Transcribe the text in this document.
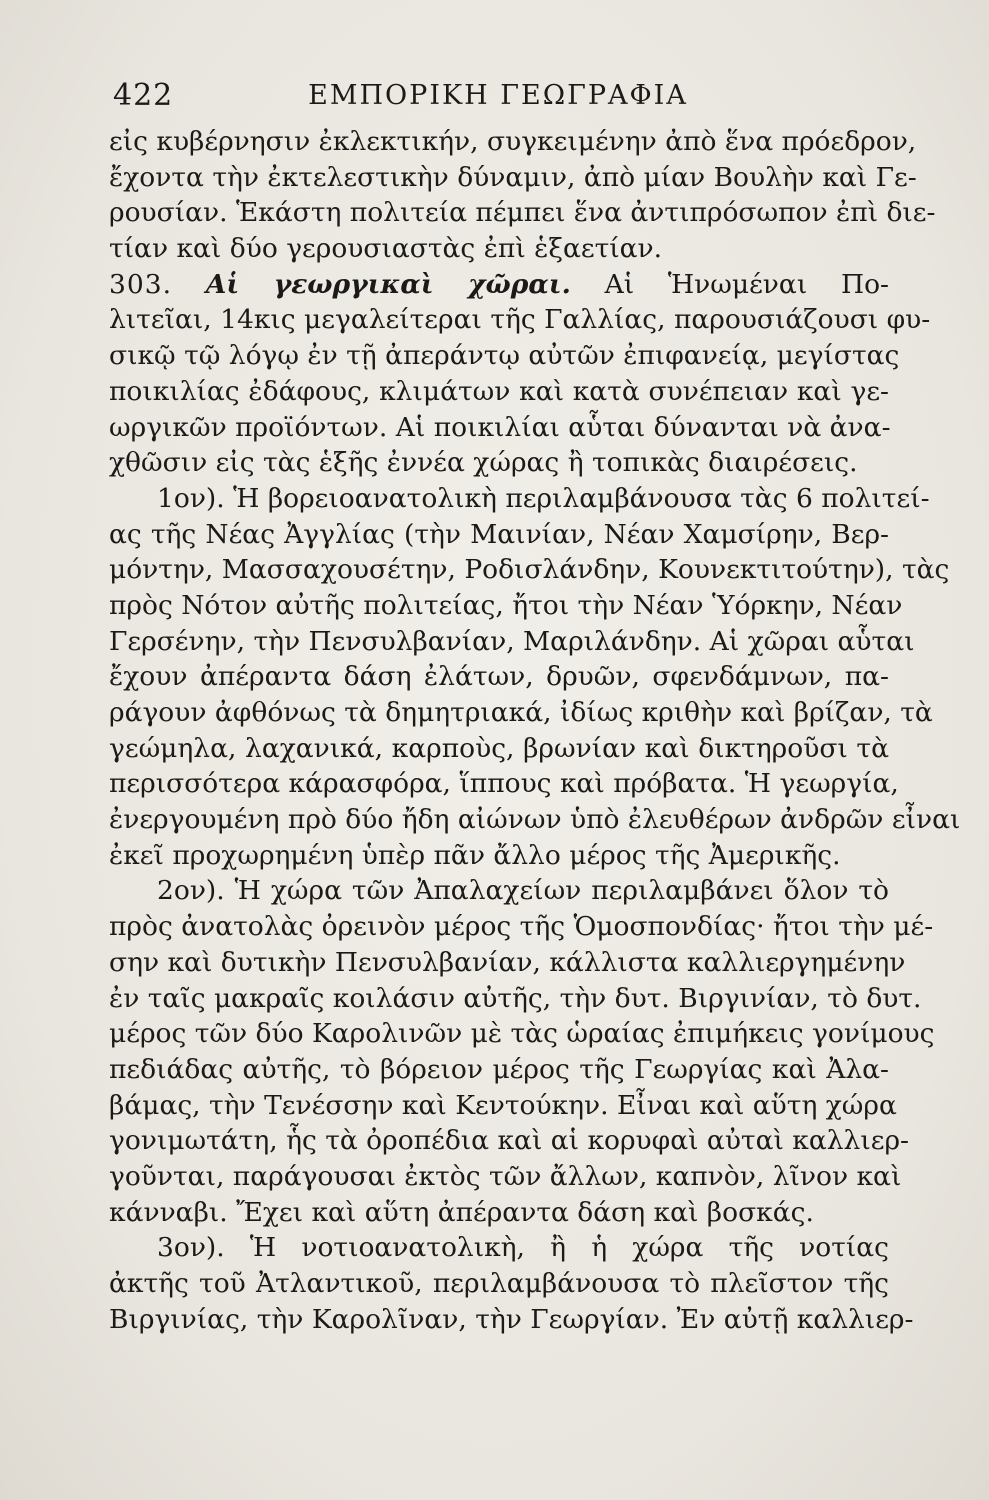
422	ΕΜΠΟΡΙΚΗ ΓΕΩΓΡΑΦΙΑ
εἰς κυβέρνησιν ἐκλεκτικήν, συγκειμένην ἀπὸ ἕνα πρόεδρον,
ἔχοντα τὴν ἐκτελεστικὴν δύναμιν, ἀπὸ μίαν Βουλὴν καὶ Γε-
ρουσίαν. Ἑκάστη πολιτεία πέμπει ἕνα ἀντιπρόσωπον ἐπὶ διε-
τίαν καὶ δύο γερουσιαστὰς ἐπὶ ἑξαετίαν.
303. Αἱ γεωργικαὶ χῶραι. Αἱ Ἡνωμέναι Πο-
λιτεῖαι, 14κις μεγαλείτεραι τῆς Γαλλίας, παρουσιάζουσι φυ-
σικῷ τῷ λόγῳ ἐν τῇ ἀπεράντῳ αὐτῶν ἐπιφανείᾳ, μεγίστας
ποικιλίας ἐδάφους, κλιμάτων καὶ κατὰ συνέπειαν καὶ γε-
ωργικῶν προϊόντων. Αἱ ποικιλίαι αὗται δύνανται νὰ ἀνα-
χθῶσιν εἰς τὰς ἑξῆς ἐννέα χώρας ἢ τοπικὰς διαιρέσεις.
1ον). Ἡ βορειοανατολικὴ περιλαμβάνουσα τὰς 6 πολιτεί-
ας τῆς Νέας Ἀγγλίας (τὴν Μαινίαν, Νέαν Χαμσίρην, Βερ-
μόντην, Μασσαχουσέτην, Ροδισλάνδην, Κουνεκτιτούτην), τὰς
πρὸς Νότον αὐτῆς πολιτείας, ἤτοι τὴν Νέαν Ὑόρκην, Νέαν
Γερσένην, τὴν Πενσυλβανίαν, Μαριλάνδην. Αἱ χῶραι αὗται
ἔχουν ἀπέραντα δάση ἐλάτων, δρυῶν, σφενδάμνων, πα-
ράγουν ἀφθόνως τὰ δημητριακά, ἰδίως κριθὴν καὶ βρίζαν, τὰ
γεώμηλα, λαχανικά, καρποὺς, βρωνίαν καὶ δικτηροῦσι τὰ
περισσότερα κάρασφόρα, ἵππους καὶ πρόβατα. Ἡ γεωργία,
ἐνεργουμένη πρὸ δύο ἤδη αἰώνων ὑπὸ ἐλευθέρων ἀνδρῶν εἶναι
ἐκεῖ προχωρημένη ὑπὲρ πᾶν ἄλλο μέρος τῆς Ἀμερικῆς.
2ον). Ἡ χώρα τῶν Ἀπαλαχείων περιλαμβάνει ὅλον τὸ
πρὸς ἀνατολὰς ὀρεινὸν μέρος τῆς Ὁμοσπονδίας· ἤτοι τὴν μέ-
σην καὶ δυτικὴν Πενσυλβανίαν, κάλλιστα καλλιεργημένην
ἐν ταῖς μακραῖς κοιλάσιν αὐτῆς, τὴν δυτ. Βιργινίαν, τὸ δυτ.
μέρος τῶν δύο Καρολινῶν μὲ τὰς ὡραίας ἐπιμήκεις γονίμους
πεδιάδας αὐτῆς, τὸ βόρειον μέρος τῆς Γεωργίας καὶ Ἀλα-
βάμας, τὴν Τενέσσην καὶ Κεντούκην. Εἶναι καὶ αὕτη χώρα
γονιμωτάτη, ἧς τὰ ὀροπέδια καὶ αἱ κορυφαὶ αὐταὶ καλλιερ-
γοῦνται, παράγουσαι ἐκτὸς τῶν ἄλλων, καπνὸν, λῖνον καὶ
κάνναβι. Ἔχει καὶ αὕτη ἀπέραντα δάση καὶ βοσκάς.
3ον). Ἡ νοτιοανατολικὴ, ἢ ἡ χώρα τῆς νοτίας
ἀκτῆς τοῦ Ἀτλαντικοῦ, περιλαμβάνουσα τὸ πλεῖστον τῆς
Βιργινίας, τὴν Καρολῖναν, τὴν Γεωργίαν. Ἐν αὐτῇ καλλιερ-
